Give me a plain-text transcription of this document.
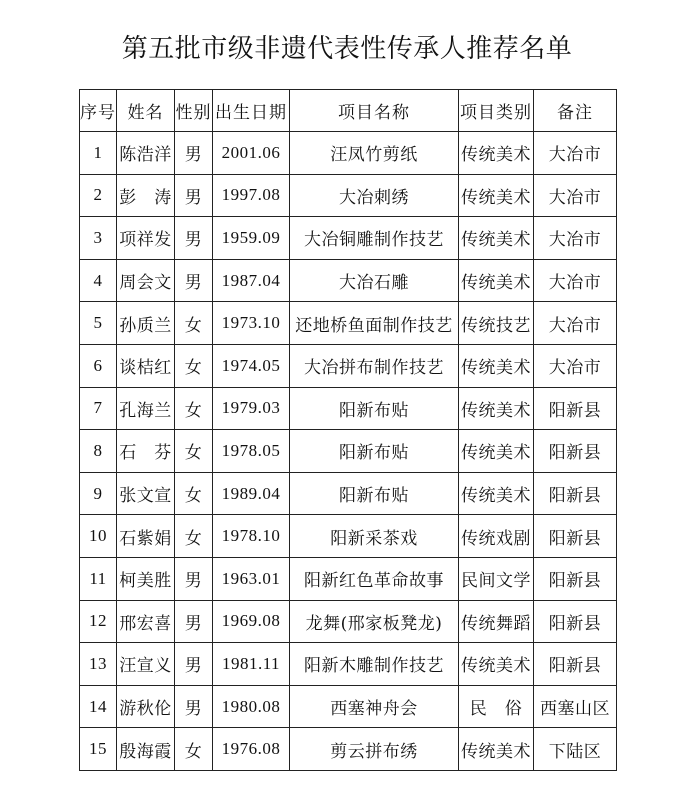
第五批市级非遗代表性传承人推荐名单
序号	姓名	性别	出生日期	项目名称	项目类别	备注
1	陈浩洋	男	2001.06	汪凤竹剪纸	传统美术	大冶市
2	彭　涛	男	1997.08	大冶刺绣	传统美术	大冶市
3	项祥发	男	1959.09	大冶铜雕制作技艺	传统美术	大冶市
4	周会文	男	1987.04	大冶石雕	传统美术	大冶市
5	孙质兰	女	1973.10	还地桥鱼面制作技艺	传统技艺	大冶市
6	谈桔红	女	1974.05	大冶拼布制作技艺	传统美术	大冶市
7	孔海兰	女	1979.03	阳新布贴	传统美术	阳新县
8	石　芬	女	1978.05	阳新布贴	传统美术	阳新县
9	张文宣	女	1989.04	阳新布贴	传统美术	阳新县
10	石紫娟	女	1978.10	阳新采茶戏	传统戏剧	阳新县
11	柯美胜	男	1963.01	阳新红色革命故事	民间文学	阳新县
12	邢宏喜	男	1969.08	龙舞(邢家板凳龙)	传统舞蹈	阳新县
13	汪宣义	男	1981.11	阳新木雕制作技艺	传统美术	阳新县
14	游秋伦	男	1980.08	西塞神舟会	民　俗	西塞山区
15	殷海霞	女	1976.08	剪云拼布绣	传统美术	下陆区
